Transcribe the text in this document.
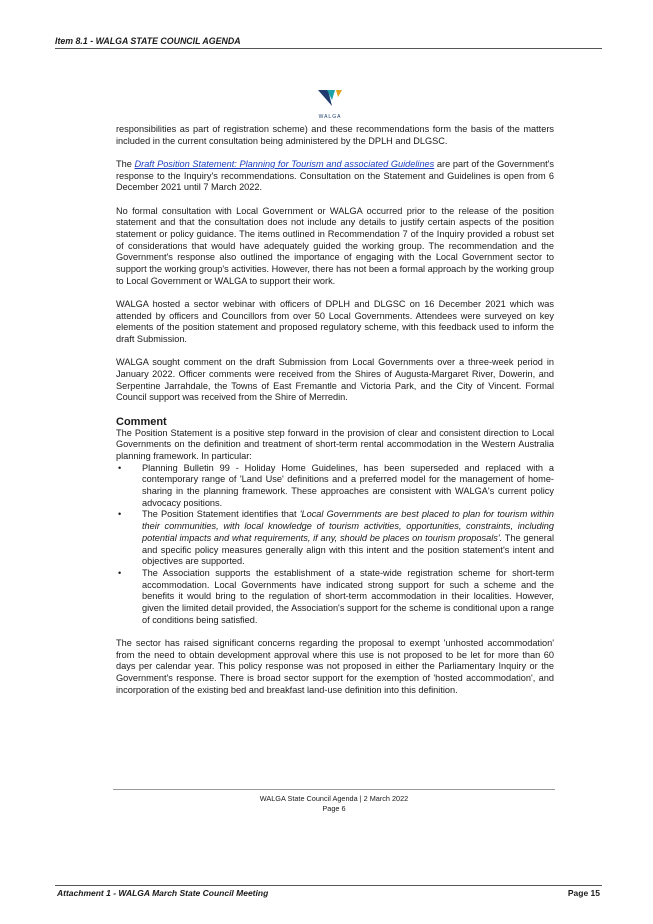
Item 8.1 - WALGA STATE COUNCIL AGENDA
WALGA

responsibilities as part of registration scheme) and these recommendations form the basis of the matters included in the current consultation being administered by the DPLH and DLGSC.

The Draft Position Statement: Planning for Tourism and associated Guidelines are part of the Government's response to the Inquiry's recommendations. Consultation on the Statement and Guidelines is open from 6 December 2021 until 7 March 2022.

No formal consultation with Local Government or WALGA occurred prior to the release of the position statement and that the consultation does not include any details to justify certain aspects of the position statement or policy guidance. The items outlined in Recommendation 7 of the Inquiry provided a robust set of considerations that would have adequately guided the working group. The recommendation and the Government's response also outlined the importance of engaging with the Local Government sector to support the working group's activities. However, there has not been a formal approach by the working group to Local Government or WALGA to support their work.

WALGA hosted a sector webinar with officers of DPLH and DLGSC on 16 December 2021 which was attended by officers and Councillors from over 50 Local Governments. Attendees were surveyed on key elements of the position statement and proposed regulatory scheme, with this feedback used to inform the draft Submission.

WALGA sought comment on the draft Submission from Local Governments over a three-week period in January 2022. Officer comments were received from the Shires of Augusta-Margaret River, Dowerin, and Serpentine Jarrahdale, the Towns of East Fremantle and Victoria Park, and the City of Vincent. Formal Council support was received from the Shire of Merredin.

Comment

The Position Statement is a positive step forward in the provision of clear and consistent direction to Local Governments on the definition and treatment of short-term rental accommodation in the Western Australia planning framework. In particular:

• Planning Bulletin 99 - Holiday Home Guidelines, has been superseded and replaced with a contemporary range of 'Land Use' definitions and a preferred model for the management of home-sharing in the planning framework. These approaches are consistent with WALGA's current policy advocacy positions.
• The Position Statement identifies that 'Local Governments are best placed to plan for tourism within their communities, with local knowledge of tourism activities, opportunities, constraints, including potential impacts and what requirements, if any, should be places on tourism proposals'. The general and specific policy measures generally align with this intent and the position statement's intent and objectives are supported.
• The Association supports the establishment of a state-wide registration scheme for short-term accommodation. Local Governments have indicated strong support for such a scheme and the benefits it would bring to the regulation of short-term accommodation in their localities. However, given the limited detail provided, the Association's support for the scheme is conditional upon a range of conditions being satisfied.

The sector has raised significant concerns regarding the proposal to exempt 'unhosted accommodation' from the need to obtain development approval where this use is not proposed to be let for more than 60 days per calendar year. This policy response was not proposed in either the Parliamentary Inquiry or the Government's response. There is broad sector support for the exemption of 'hosted accommodation', and incorporation of the existing bed and breakfast land-use definition into this definition.

WALGA State Council Agenda | 2 March 2022
Page 6
Attachment 1 - WALGA March State Council Meeting	Page 15
